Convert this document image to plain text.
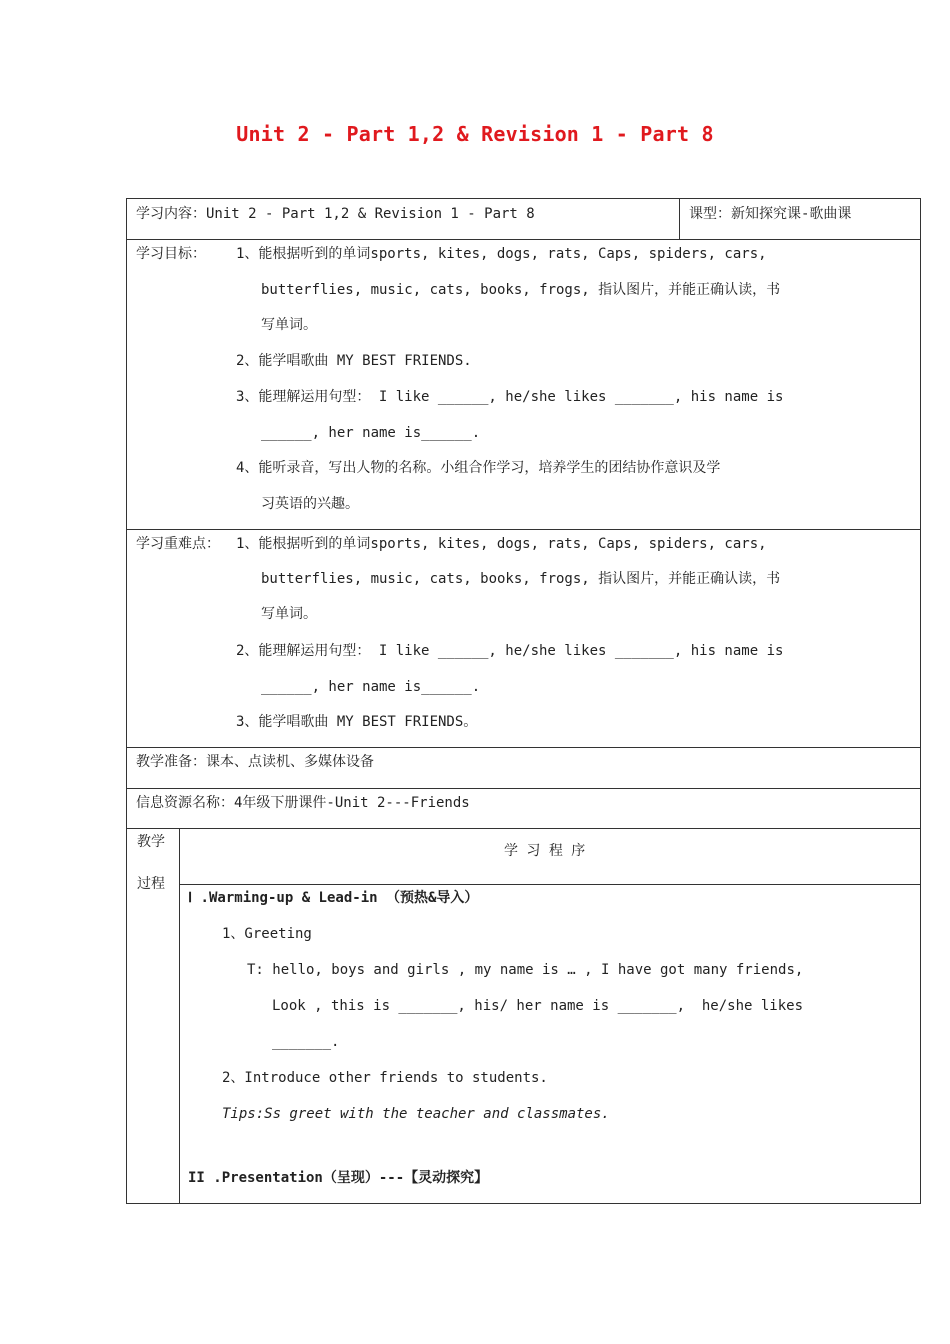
Unit 2 - Part 1,2 & Revision 1 - Part 8
学习内容：Unit 2 - Part 1,2 & Revision 1 - Part 8	课型：新知探究课-歌曲课
学习目标： 1、能根据听到的单词sports, kites, dogs, rats, Caps, spiders, cars,
butterflies, music, cats, books, frogs, 指认图片，并能正确认读，书
写单词。
2、能学唱歌曲 MY BEST FRIENDS.
3、能理解运用句型： I like ______, he/she likes _______, his name is
______, her name is______.
4、能听录音，写出人物的名称。小组合作学习，培养学生的团结协作意识及学
习英语的兴趣。
学习重难点： 1、能根据听到的单词sports, kites, dogs, rats, Caps, spiders, cars,
butterflies, music, cats, books, frogs, 指认图片，并能正确认读，书
写单词。
2、能理解运用句型： I like ______, he/she likes _______, his name is
______, her name is______.
3、能学唱歌曲 MY BEST FRIENDS。
教学准备：课本、点读机、多媒体设备
信息资源名称：4年级下册课件-Unit 2---Friends
教学
过程
学 习 程 序
Ⅰ .Warming-up & Lead-in （预热&导入）
1、Greeting
T: hello, boys and girls , my name is … , I have got many friends,
Look , this is _______, his/ her name is _______,  he/she likes
_______.
2、Introduce other friends to students.
Tips:Ss greet with the teacher and classmates.
II .Presentation（呈现）---【灵动探究】
